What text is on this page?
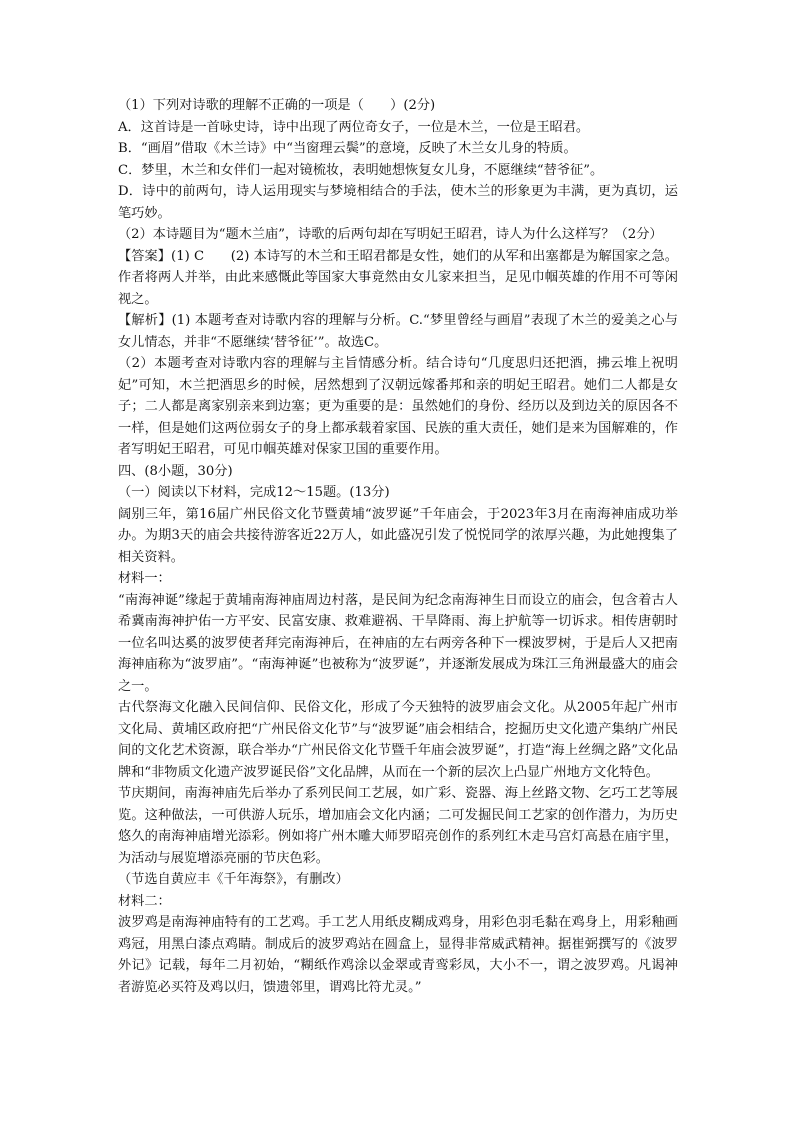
（1）下列对诗歌的理解不正确的一项是（　　）(2分)

A．这首诗是一首咏史诗，诗中出现了两位奇女子，一位是木兰，一位是王昭君。

B．“画眉”借取《木兰诗》中“当窗理云鬓”的意境，反映了木兰女儿身的特质。

C．梦里，木兰和女伴们一起对镜梳妆，表明她想恢复女儿身，不愿继续“替爷征”。

D．诗中的前两句，诗人运用现实与梦境相结合的手法，使木兰的形象更为丰满，更为真切，运笔巧妙。

（2）本诗题目为“题木兰庙”，诗歌的后两句却在写明妃王昭君，诗人为什么这样写？（2分）

【答案】(1) C　　(2) 本诗写的木兰和王昭君都是女性，她们的从军和出塞都是为解国家之急。作者将两人并举，由此来感慨此等国家大事竟然由女儿家来担当，足见巾帼英雄的作用不可等闲视之。

【解析】(1) 本题考查对诗歌内容的理解与分析。C.“梦里曾经与画眉”表现了木兰的爱美之心与女儿情态，并非“不愿继续‘替爷征’”。故选C。

（2）本题考查对诗歌内容的理解与主旨情感分析。结合诗句“几度思归还把酒，拂云堆上祝明妃”可知，木兰把酒思乡的时候，居然想到了汉朝远嫁番邦和亲的明妃王昭君。她们二人都是女子；二人都是离家别亲来到边塞；更为重要的是：虽然她们的身份、经历以及到边关的原因各不一样，但是她们这两位弱女子的身上都承载着家国、民族的重大责任，她们是来为国解难的，作者写明妃王昭君，可见巾帼英雄对保家卫国的重要作用。

四、(8小题，30分)

（一）阅读以下材料，完成12～15题。(13分)

阔别三年，第16届广州民俗文化节暨黄埔“波罗诞”千年庙会，于2023年3月在南海神庙成功举办。为期3天的庙会共接待游客近22万人，如此盛况引发了悦悦同学的浓厚兴趣，为此她搜集了相关资料。

材料一：

“南海神诞”缘起于黄埔南海神庙周边村落，是民间为纪念南海神生日而设立的庙会，包含着古人希冀南海神护佑一方平安、民富安康、救难避祸、干旱降雨、海上护航等一切诉求。相传唐朝时一位名叫达奚的波罗使者拜完南海神后，在神庙的左右两旁各种下一棵波罗树，于是后人又把南海神庙称为“波罗庙”。“南海神诞”也被称为“波罗诞”，并逐渐发展成为珠江三角洲最盛大的庙会之一。

古代祭海文化融入民间信仰、民俗文化，形成了今天独特的波罗庙会文化。从2005年起广州市文化局、黄埔区政府把“广州民俗文化节”与“波罗诞”庙会相结合，挖掘历史文化遗产集纳广州民间的文化艺术资源，联合举办“广州民俗文化节暨千年庙会波罗诞”，打造“海上丝绸之路”文化品牌和“非物质文化遗产波罗诞民俗”文化品牌，从而在一个新的层次上凸显广州地方文化特色。

节庆期间，南海神庙先后举办了系列民间工艺展，如广彩、瓷器、海上丝路文物、乞巧工艺等展览。这种做法，一可供游人玩乐，增加庙会文化内涵；二可发掘民间工艺家的创作潜力，为历史悠久的南海神庙增光添彩。例如将广州木雕大师罗昭亮创作的系列红木走马宫灯高悬在庙宇里，为活动与展览增添亮丽的节庆色彩。

（节选自黄应丰《千年海祭》，有删改）

材料二：

波罗鸡是南海神庙特有的工艺鸡。手工艺人用纸皮糊成鸡身，用彩色羽毛黏在鸡身上，用彩釉画鸡冠，用黑白漆点鸡睛。制成后的波罗鸡站在圆盒上，显得非常威武精神。据崔弼撰写的《波罗外记》记载，每年二月初始，“糊纸作鸡涂以金翠或青鸾彩凤，大小不一，谓之波罗鸡。凡谒神者游览必买符及鸡以归，馈遗邻里，谓鸡比符尤灵。”
